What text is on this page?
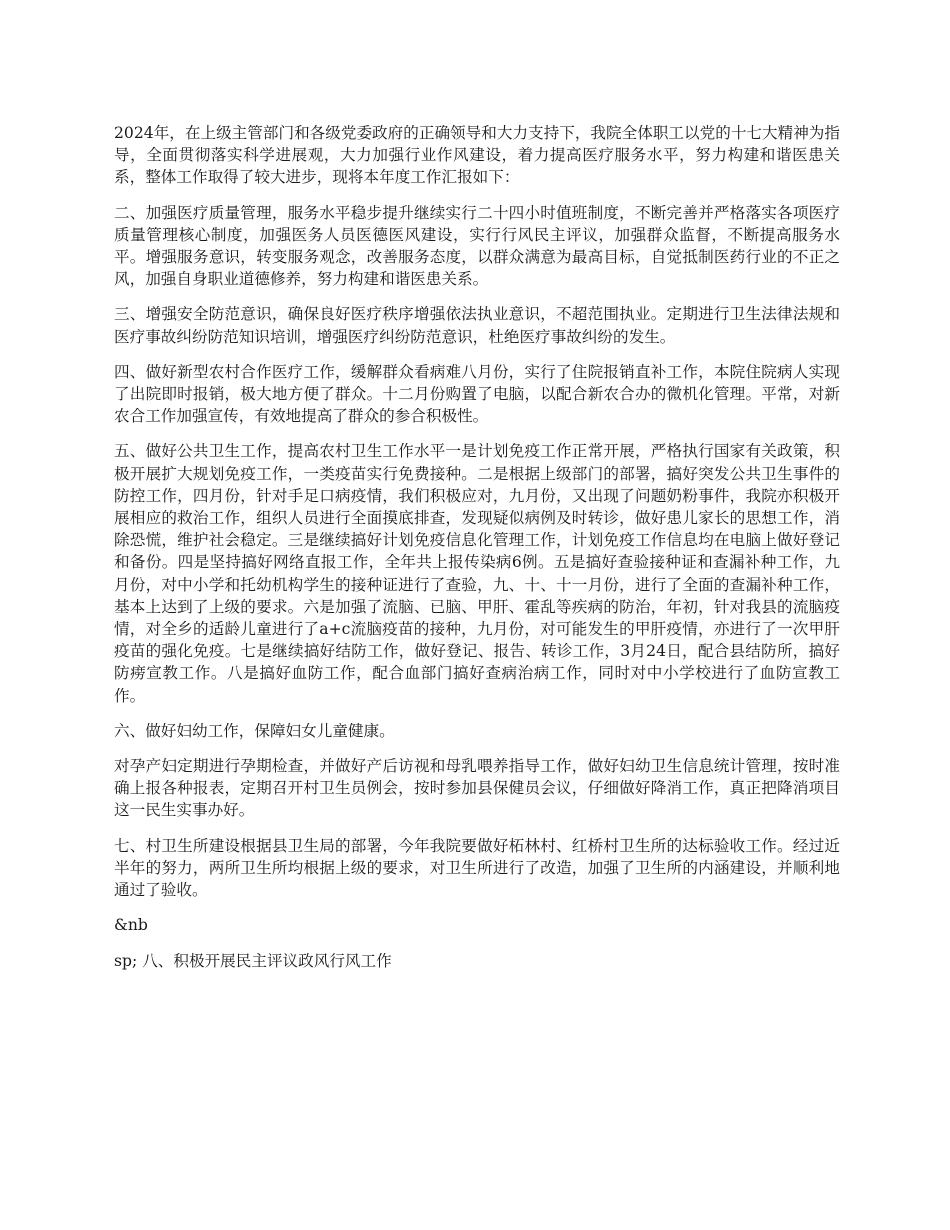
2024年，在上级主管部门和各级党委政府的正确领导和大力支持下，我院全体职工以党的十七大精神为指导，全面贯彻落实科学进展观，大力加强行业作风建设，着力提高医疗服务水平，努力构建和谐医患关系，整体工作取得了较大进步，现将本年度工作汇报如下：

二、加强医疗质量管理，服务水平稳步提升继续实行二十四小时值班制度，不断完善并严格落实各项医疗质量管理核心制度，加强医务人员医德医风建设，实行行风民主评议，加强群众监督，不断提高服务水平。增强服务意识，转变服务观念，改善服务态度，以群众满意为最高目标，自觉抵制医药行业的不正之风，加强自身职业道德修养，努力构建和谐医患关系。

三、增强安全防范意识，确保良好医疗秩序增强依法执业意识，不超范围执业。定期进行卫生法律法规和医疗事故纠纷防范知识培训，增强医疗纠纷防范意识，杜绝医疗事故纠纷的发生。

四、做好新型农村合作医疗工作，缓解群众看病难八月份，实行了住院报销直补工作，本院住院病人实现了出院即时报销，极大地方便了群众。十二月份购置了电脑，以配合新农合办的微机化管理。平常，对新农合工作加强宣传，有效地提高了群众的参合积极性。

五、做好公共卫生工作，提高农村卫生工作水平一是计划免疫工作正常开展，严格执行国家有关政策，积极开展扩大规划免疫工作，一类疫苗实行免费接种。二是根据上级部门的部署，搞好突发公共卫生事件的防控工作，四月份，针对手足口病疫情，我们积极应对，九月份，又出现了问题奶粉事件，我院亦积极开展相应的救治工作，组织人员进行全面摸底排查，发现疑似病例及时转诊，做好患儿家长的思想工作，消除恐慌，维护社会稳定。三是继续搞好计划免疫信息化管理工作，计划免疫工作信息均在电脑上做好登记和备份。四是坚持搞好网络直报工作，全年共上报传染病6例。五是搞好查验接种证和查漏补种工作，九月份，对中小学和托幼机构学生的接种证进行了查验，九、十、十一月份，进行了全面的查漏补种工作，基本上达到了上级的要求。六是加强了流脑、已脑、甲肝、霍乱等疾病的防治，年初，针对我县的流脑疫情，对全乡的适龄儿童进行了a+c流脑疫苗的接种，九月份，对可能发生的甲肝疫情，亦进行了一次甲肝疫苗的强化免疫。七是继续搞好结防工作，做好登记、报告、转诊工作，3月24日，配合县结防所，搞好防痨宣教工作。八是搞好血防工作，配合血部门搞好查病治病工作，同时对中小学校进行了血防宣教工作。

六、做好妇幼工作，保障妇女儿童健康。

对孕产妇定期进行孕期检查，并做好产后访视和母乳喂养指导工作，做好妇幼卫生信息统计管理，按时准确上报各种报表，定期召开村卫生员例会，按时参加县保健员会议，仔细做好降消工作，真正把降消项目这一民生实事办好。

七、村卫生所建设根据县卫生局的部署，今年我院要做好柘林村、红桥村卫生所的达标验收工作。经过近半年的努力，两所卫生所均根据上级的要求，对卫生所进行了改造，加强了卫生所的内涵建设，并顺利地通过了验收。

&nb

sp; 八、积极开展民主评议政风行风工作
